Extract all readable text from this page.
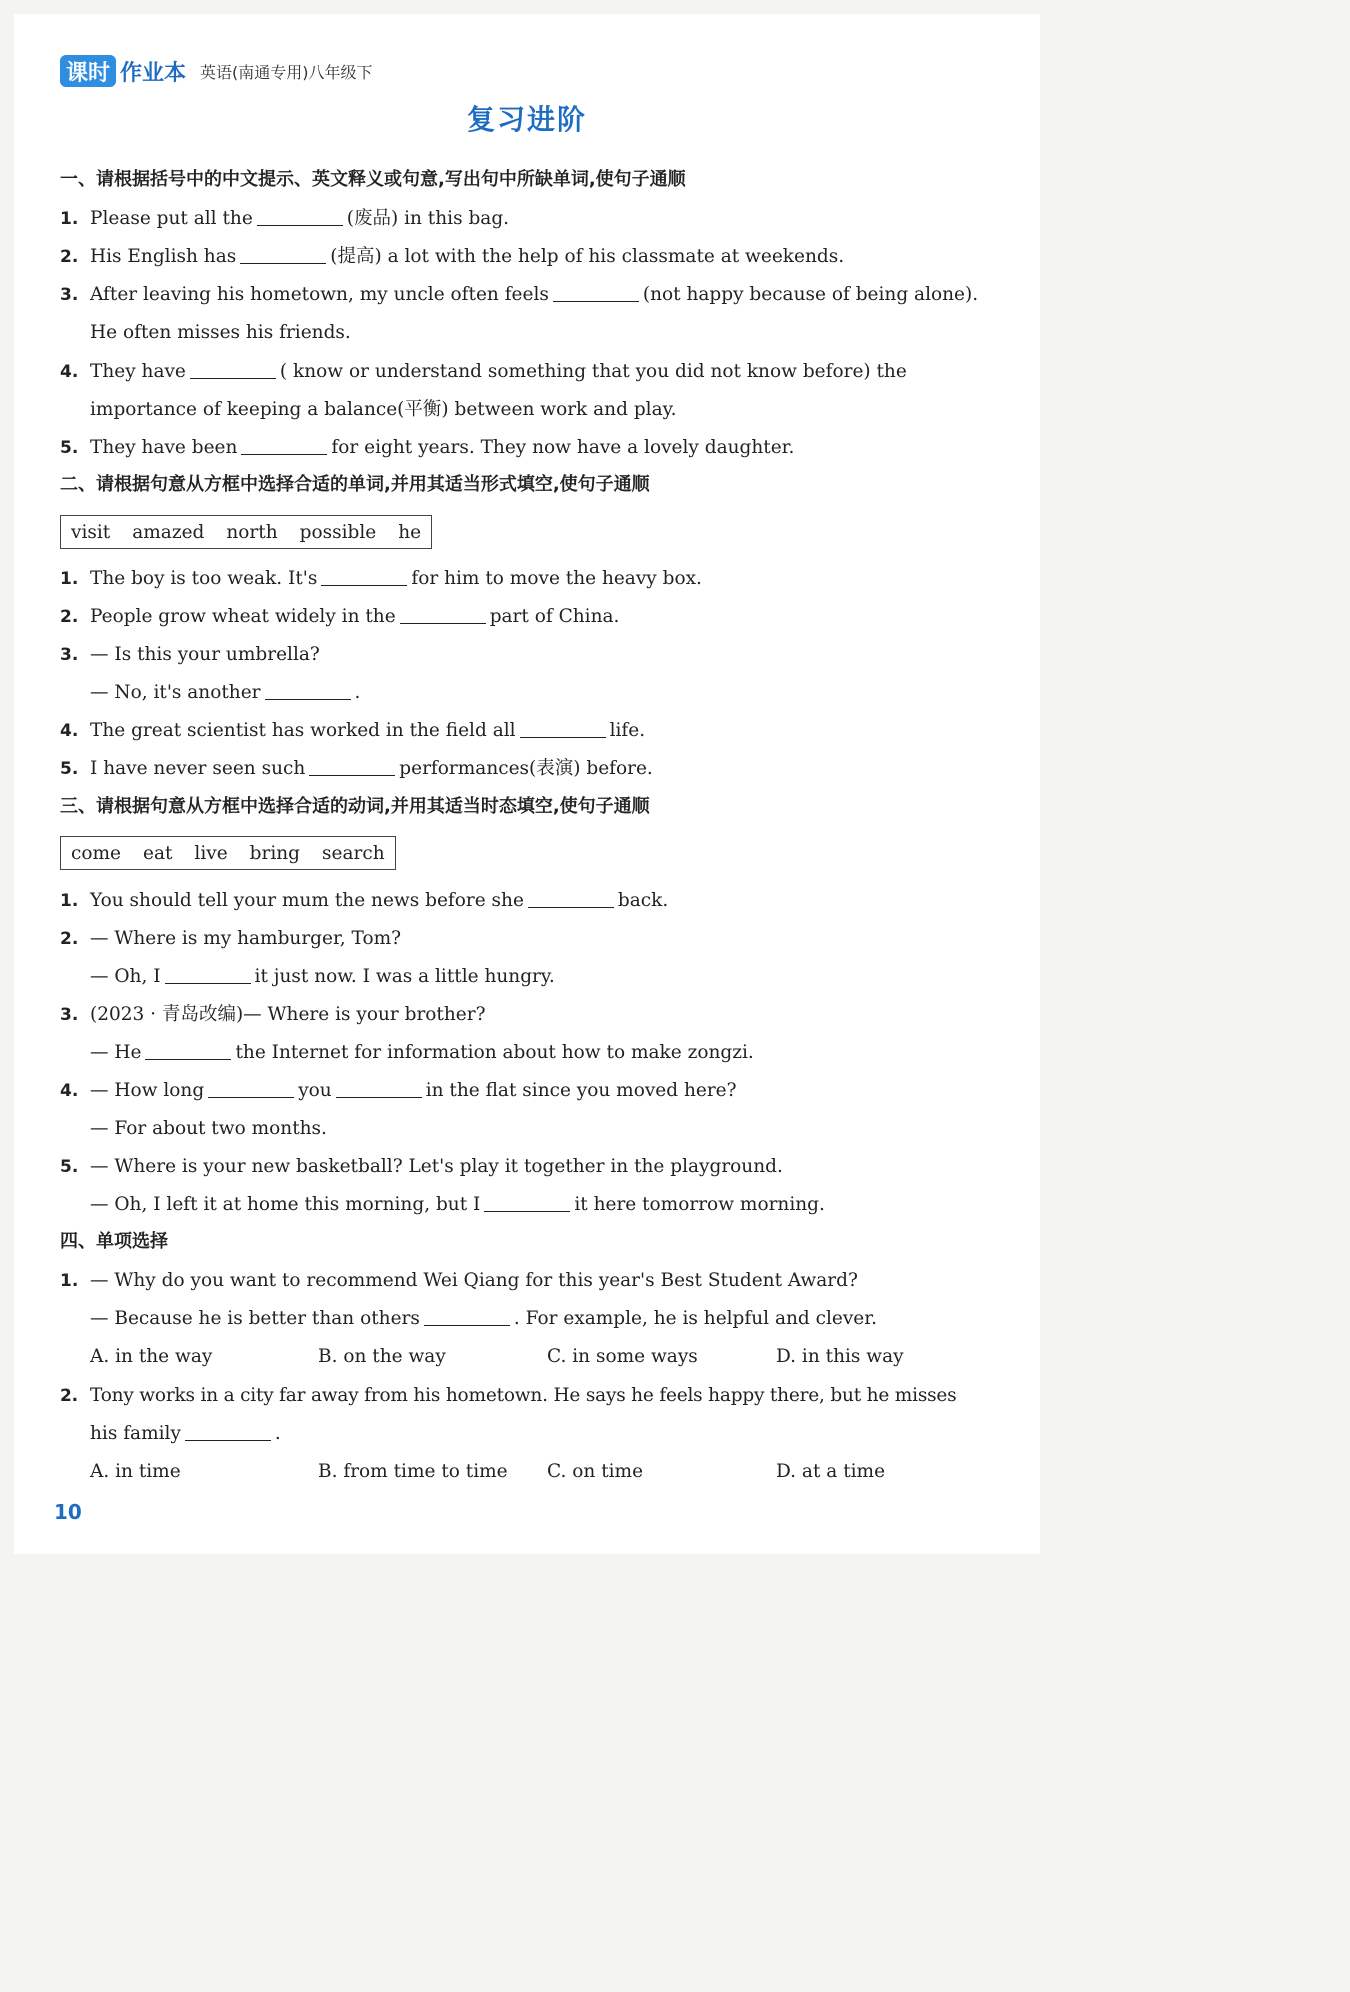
课时 作业本 英语(南通专用)八年级下
复习进阶
一、请根据括号中的中文提示、英文释义或句意,写出句中所缺单词,使句子通顺
1. Please put all the	(废品) in this bag.
2. His English has	(提高) a lot with the help of his classmate at weekends.
3. After leaving his hometown, my uncle often feels	(not happy because of being alone).
He often misses his friends.
4. They have	( know or understand something that you did not know before) the
importance of keeping a balance(平衡) between work and play.
5. They have been	for eight years. They now have a lovely daughter.
二、请根据句意从方框中选择合适的单词,并用其适当形式填空,使句子通顺
visit amazed north possible he
1. The boy is too weak. It's	for him to move the heavy box.
2. People grow wheat widely in the	part of China.
3. — Is this your umbrella?
— No, it's another	.
4. The great scientist has worked in the field all	life.
5. I have never seen such	performances(表演) before.
三、请根据句意从方框中选择合适的动词,并用其适当时态填空,使句子通顺
come eat live bring search
1. You should tell your mum the news before she	back.
2. — Where is my hamburger, Tom?
— Oh, I	it just now. I was a little hungry.
3. (2023 · 青岛改编)— Where is your brother?
— He	the Internet for information about how to make zongzi.
4. — How long	you	in the flat since you moved here?
— For about two months.
5. — Where is your new basketball? Let's play it together in the playground.
— Oh, I left it at home this morning, but I	it here tomorrow morning.
四、单项选择
1. — Why do you want to recommend Wei Qiang for this year's Best Student Award?
— Because he is better than others	. For example, he is helpful and clever.
A. in the way	B. on the way	C. in some ways	D. in this way
2. Tony works in a city far away from his hometown. He says he feels happy there, but he misses
his family	.
A. in time	B. from time to time C. on time	D. at a time
10
